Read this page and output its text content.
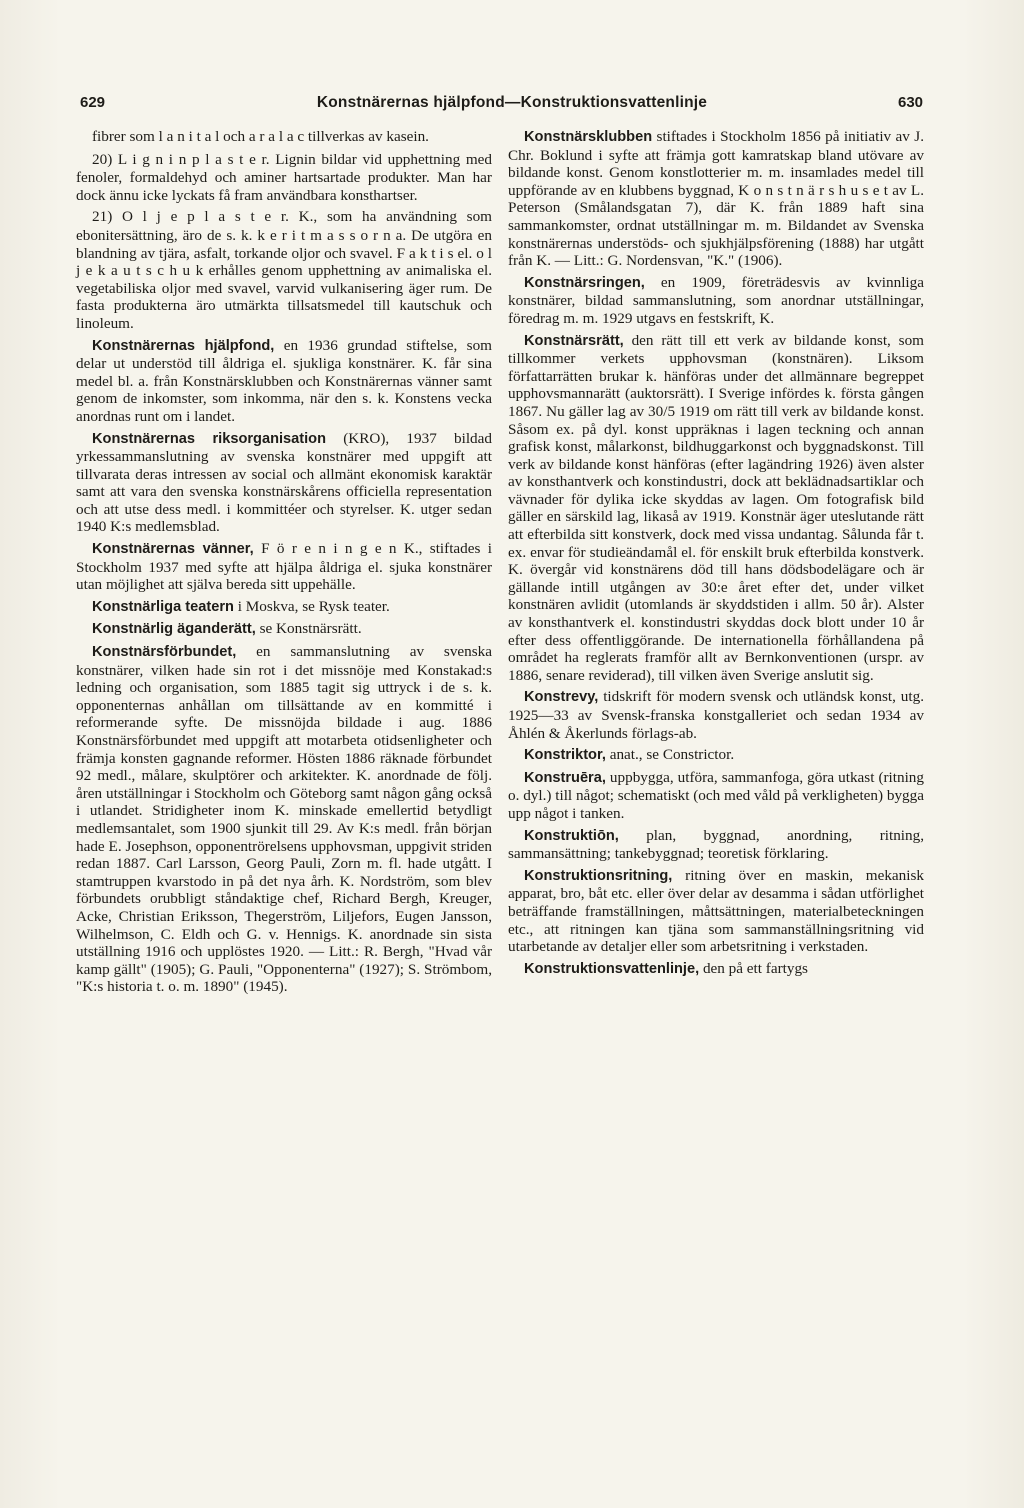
629	Konstnärernas hjälpfond—Konstruktionsvattenlinje	630

fibrer som l a n i t a l och a r a l a c tillverkas av kasein.

20) L i g n i n p l a s t e r. Lignin bildar vid upphettning med fenoler, formaldehyd och aminer hartsartade produkter. Man har dock ännu icke lyckats få fram användbara konsthartser.

21) O l j e p l a s t e r. K., som ha användning som ebonitersättning, äro de s. k. k e r i t m a s s o r n a. De utgöra en blandning av tjära, asfalt, torkande oljor och svavel. F a k t i s el. o l j e k a u t s c h u k erhålles genom upphettning av animaliska el. vegetabiliska oljor med svavel, varvid vulkanisering äger rum. De fasta produkterna äro utmärkta tillsatsmedel till kautschuk och linoleum.

Konstnärernas hjälpfond, en 1936 grundad stiftelse, som delar ut understöd till åldriga el. sjukliga konstnärer. K. får sina medel bl. a. från Konstnärsklubben och Konstnärernas vänner samt genom de inkomster, som inkomma, när den s. k. Konstens vecka anordnas runt om i landet.

Konstnärernas riksorganisation (KRO), 1937 bildad yrkessammanslutning av svenska konstnärer med uppgift att tillvarata deras intressen av social och allmänt ekonomisk karaktär samt att vara den svenska konstnärskårens officiella representation och att utse dess medl. i kommittéer och styrelser. K. utger sedan 1940 K:s medlemsblad.

Konstnärernas vänner, F ö r e n i n g e n K., stiftades i Stockholm 1937 med syfte att hjälpa åldriga el. sjuka konstnärer utan möjlighet att själva bereda sitt uppehälle.

Konstnärliga teatern i Moskva, se Rysk teater.

Konstnärlig äganderätt, se Konstnärsrätt.

Konstnärsförbundet, en sammanslutning av svenska konstnärer, vilken hade sin rot i det missnöje med Konstakad:s ledning och organisation, som 1885 tagit sig uttryck i de s. k. opponenternas anhållan om tillsättande av en kommitté i reformerande syfte. De missnöjda bildade i aug. 1886 Konstnärsförbundet med uppgift att motarbeta otidsenligheter och främja konsten gagnande reformer. Hösten 1886 räknade förbundet 92 medl., målare, skulptörer och arkitekter. K. anordnade de följ. åren utställningar i Stockholm och Göteborg samt någon gång också i utlandet. Stridigheter inom K. minskade emellertid betydligt medlemsantalet, som 1900 sjunkit till 29. Av K:s medl. från början hade E. Josephson, opponentrörelsens upphovsman, uppgivit striden redan 1887. Carl Larsson, Georg Pauli, Zorn m. fl. hade utgått. I stamtruppen kvarstodo in på det nya årh. K. Nordström, som blev förbundets orubbligt ståndaktige chef, Richard Bergh, Kreuger, Acke, Christian Eriksson, Thegerström, Liljefors, Eugen Jansson, Wilhelmson, C. Eldh och G. v. Hennigs. K. anordnade sin sista utställning 1916 och upplöstes 1920. — Litt.: R. Bergh, "Hvad vår kamp gällt" (1905); G. Pauli, "Opponenterna" (1927); S. Strömbom, "K:s historia t. o. m. 1890" (1945).

Konstnärsklubben stiftades i Stockholm 1856 på initiativ av J. Chr. Boklund i syfte att främja gott kamratskap bland utövare av bildande konst. Genom konstlotterier m. m. insamlades medel till uppförande av en klubbens byggnad, K o n s t n ä r s h u s e t av L. Peterson (Smålandsgatan 7), där K. från 1889 haft sina sammankomster, ordnat utställningar m. m. Bildandet av Svenska konstnärernas understöds- och sjukhjälpsförening (1888) har utgått från K. — Litt.: G. Nordensvan, "K." (1906).

Konstnärsringen, en 1909, företrädesvis av kvinnliga konstnärer, bildad sammanslutning, som anordnar utställningar, föredrag m. m. 1929 utgavs en festskrift, K.

Konstnärsrätt, den rätt till ett verk av bildande konst, som tillkommer verkets upphovsman (konstnären). Liksom författarrätten brukar k. hänföras under det allmännare begreppet upphovsmannarätt (auktorsrätt). I Sverige infördes k. första gången 1867. Nu gäller lag av 30/5 1919 om rätt till verk av bildande konst. Såsom ex. på dyl. konst uppräknas i lagen teckning och annan grafisk konst, målarkonst, bildhuggarkonst och byggnadskonst. Till verk av bildande konst hänföras (efter lagändring 1926) även alster av konsthantverk och konstindustri, dock att beklädnadsartiklar och vävnader för dylika icke skyddas av lagen. Om fotografisk bild gäller en särskild lag, likaså av 1919. Konstnär äger uteslutande rätt att efterbilda sitt konstverk, dock med vissa undantag. Sålunda får t. ex. envar för studieändamål el. för enskilt bruk efterbilda konstverk. K. övergår vid konstnärens död till hans dödsbodelägare och är gällande intill utgången av 30:e året efter det, under vilket konstnären avlidit (utomlands är skyddstiden i allm. 50 år). Alster av konsthantverk el. konstindustri skyddas dock blott under 10 år efter dess offentliggörande. De internationella förhållandena på området ha reglerats framför allt av Bernkonventionen (urspr. av 1886, senare reviderad), till vilken även Sverige anslutit sig.

Konstrevy, tidskrift för modern svensk och utländsk konst, utg. 1925—33 av Svensk-franska konstgalleriet och sedan 1934 av Åhlén & Åkerlunds förlags-ab.

Konstriktor, anat., se Constrictor.

Konstruēra, uppbygga, utföra, sammanfoga, göra utkast (ritning o. dyl.) till något; schematiskt (och med våld på verkligheten) bygga upp något i tanken.

Konstruktiōn, plan, byggnad, anordning, ritning, sammansättning; tankebyggnad; teoretisk förklaring.

Konstruktionsritning, ritning över en maskin, mekanisk apparat, bro, båt etc. eller över delar av desamma i sådan utförlighet beträffande framställningen, måttsättningen, materialbeteckningen etc., att ritningen kan tjäna som sammanställningsritning vid utarbetande av detaljer eller som arbetsritning i verkstaden.

Konstruktionsvattenlinje, den på ett fartygs
